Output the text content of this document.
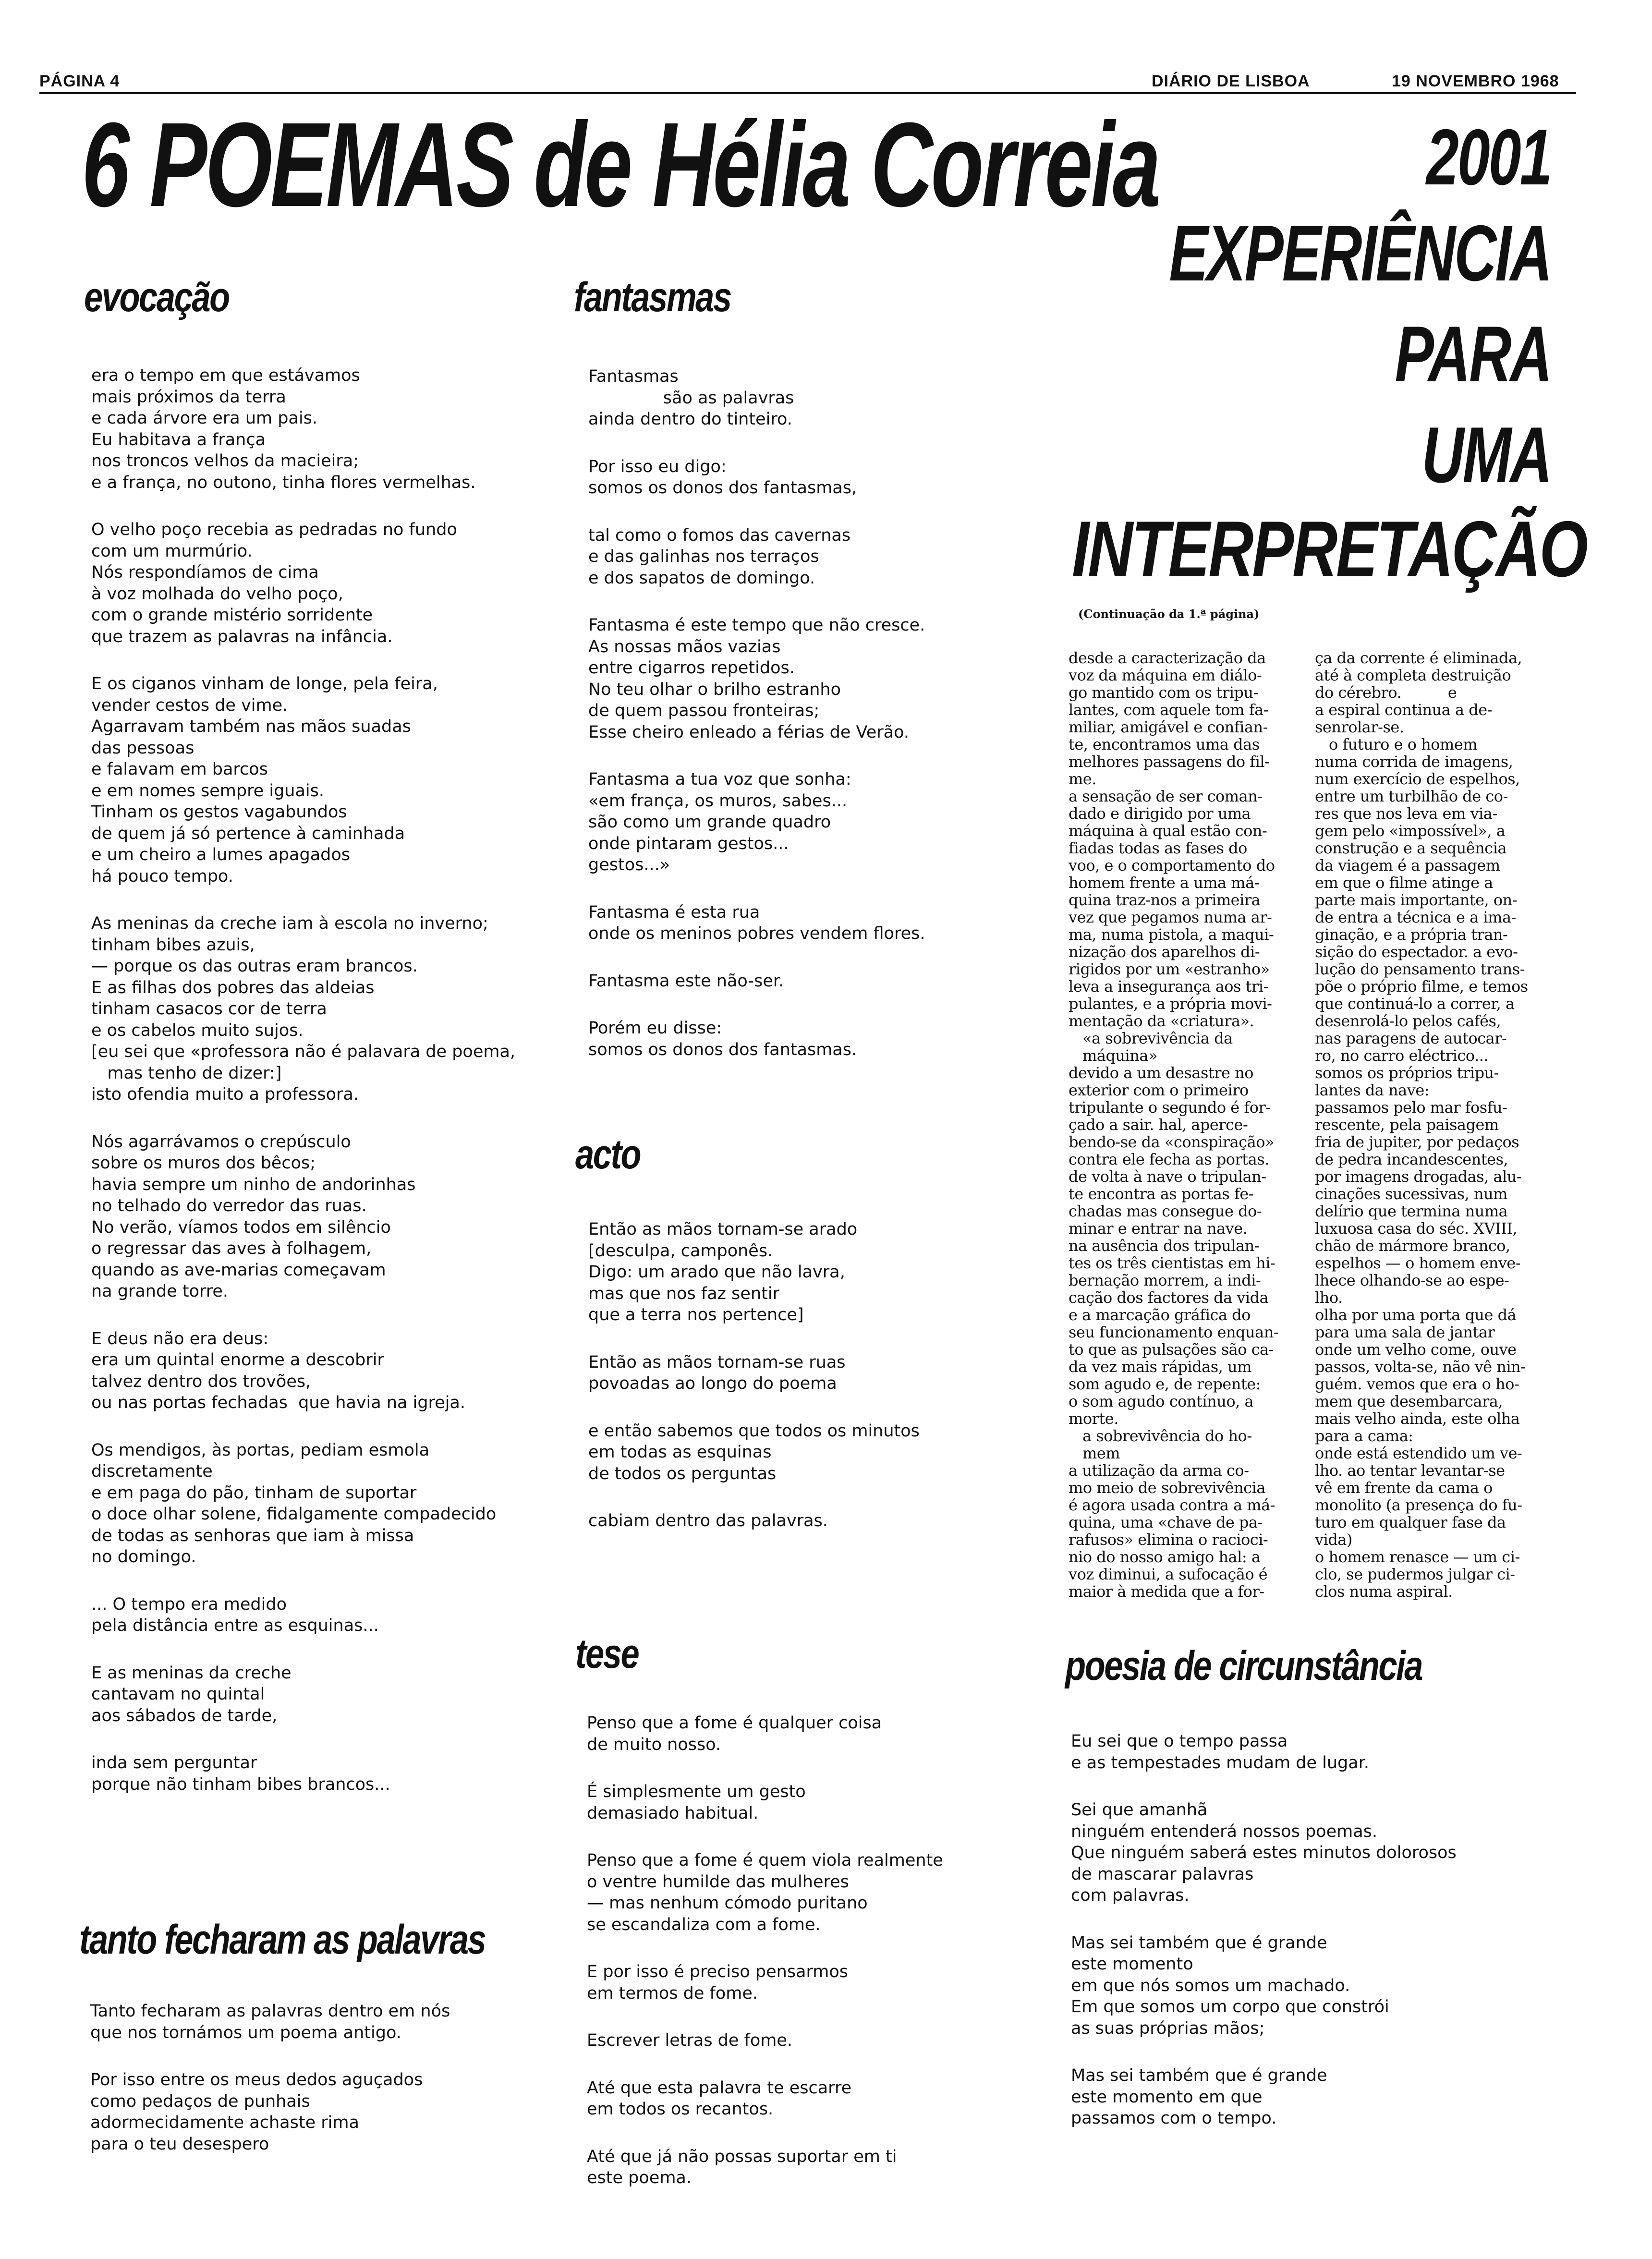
PÁGINA 4	DIÁRIO DE LISBOA	19 NOVEMBRO 1968
6 POEMAS de Hélia Correia
evocação
era o tempo em que estávamos
mais próximos da terra
e cada árvore era um pais.
Eu habitava a frança
nos troncos velhos da macieira;
e a frança, no outono, tinha flores vermelhas.
O velho poço recebia as pedradas no fundo
com um murmúrio.
Nós respondíamos de cima
à voz molhada do velho poço,
com o grande mistério sorridente
que trazem as palavras na infância.
E os ciganos vinham de longe, pela feira,
vender cestos de vime.
Agarravam também nas mãos suadas
das pessoas
e falavam em barcos
e em nomes sempre iguais.
Tinham os gestos vagabundos
de quem já só pertence à caminhada
e um cheiro a lumes apagados
há pouco tempo.
As meninas da creche iam à escola no inverno;
tinham bibes azuis,
— porque os das outras eram brancos.
E as filhas dos pobres das aldeias
tinham casacos cor de terra
e os cabelos muito sujos.
[eu sei que «professora não é palavara de poema,
mas tenho de dizer:]
isto ofendia muito a professora.
Nós agarrávamos o crepúsculo
sobre os muros dos bêcos;
havia sempre um ninho de andorinhas
no telhado do verredor das ruas.
No verão, víamos todos em silêncio
o regressar das aves à folhagem,
quando as ave-marias começavam
na grande torre.
E deus não era deus:
era um quintal enorme a descobrir
talvez dentro dos trovões,
ou nas portas fechadas  que havia na igreja.
Os mendigos, às portas, pediam esmola
discretamente
e em paga do pão, tinham de suportar
o doce olhar solene, fidalgamente compadecido
de todas as senhoras que iam à missa
no domingo.
... O tempo era medido
pela distância entre as esquinas...
E as meninas da creche
cantavam no quintal
aos sábados de tarde,
inda sem perguntar
porque não tinham bibes brancos...
fantasmas
Fantasmas
são as palavras
ainda dentro do tinteiro.
Por isso eu digo:
somos os donos dos fantasmas,
tal como o fomos das cavernas
e das galinhas nos terraços
e dos sapatos de domingo.
Fantasma é este tempo que não cresce.
As nossas mãos vazias
entre cigarros repetidos.
No teu olhar o brilho estranho
de quem passou fronteiras;
Esse cheiro enleado a férias de Verão.
Fantasma a tua voz que sonha:
«em frança, os muros, sabes...
são como um grande quadro
onde pintaram gestos...
gestos...»
Fantasma é esta rua
onde os meninos pobres vendem flores.
Fantasma este não-ser.
Porém eu disse:
somos os donos dos fantasmas.
acto
Então as mãos tornam-se arado
[desculpa, camponês.
Digo: um arado que não lavra,
mas que nos faz sentir
que a terra nos pertence]
Então as mãos tornam-se ruas
povoadas ao longo do poema
e então sabemos que todos os minutos
em todas as esquinas
de todos os perguntas
cabiam dentro das palavras.
tese
Penso que a fome é qualquer coisa
de muito nosso.
É simplesmente um gesto
demasiado habitual.
Penso que a fome é quem viola realmente
o ventre humilde das mulheres
— mas nenhum cómodo puritano
se escandaliza com a fome.
E por isso é preciso pensarmos
em termos de fome.
Escrever letras de fome.
Até que esta palavra te escarre
em todos os recantos.
Até que já não possas suportar em ti
este poema.
tanto fecharam as palavras
Tanto fecharam as palavras dentro em nós
que nos tornámos um poema antigo.
Por isso entre os meus dedos aguçados
como pedaços de punhais
adormecidamente achaste rima
para o teu desespero
2001
EXPERIÊNCIA
PARA
UMA
INTERPRETAÇÃO
(Continuação da 1.ª página)
desde a caracterização da
voz da máquina em diálo-
go mantido com os tripu-
lantes, com aquele tom fa-
miliar, amigável e confian-
te, encontramos uma das
melhores passagens do fil-
me.
a sensação de ser coman-
dado e dirigido por uma
máquina à qual estão con-
fiadas todas as fases do
voo, e o comportamento do
homem frente a uma má-
quina traz-nos a primeira
vez que pegamos numa ar-
ma, numa pistola, a maqui-
nização dos aparelhos di-
rigidos por um «estranho»
leva a insegurança aos tri-
pulantes, e a própria movi-
mentação da «criatura».
«a sobrevivência da
máquina»
devido a um desastre no
exterior com o primeiro
tripulante o segundo é for-
çado a sair. hal, aperce-
bendo-se da «conspiração»
contra ele fecha as portas.
de volta à nave o tripulan-
te encontra as portas fe-
chadas mas consegue do-
minar e entrar na nave.
na ausência dos tripulan-
tes os três cientistas em hi-
bernação morrem, a indi-
cação dos factores da vida
e a marcação gráfica do
seu funcionamento enquan-
to que as pulsações são ca-
da vez mais rápidas, um
som agudo e, de repente:
o som agudo contínuo, a
morte.
a sobrevivência do ho-
mem
a utilização da arma co-
mo meio de sobrevivência
é agora usada contra a má-
quina, uma «chave de pa-
rafusos» elimina o racioci-
nio do nosso amigo hal: a
voz diminui, a sufocação é
maior à medida que a for-
ça da corrente é eliminada,
até à completa destruição
do cérebro.          e
a espiral continua a de-
senrolar-se.
o futuro e o homem
numa corrida de imagens,
num exercício de espelhos,
entre um turbilhão de co-
res que nos leva em via-
gem pelo «impossível», a
construção e a sequência
da viagem é a passagem
em que o filme atinge a
parte mais importante, on-
de entra a técnica e a ima-
ginação, e a própria tran-
sição do espectador. a evo-
lução do pensamento trans-
põe o próprio filme, e temos
que continuá-lo a correr, a
desenrolá-lo pelos cafés,
nas paragens de autocar-
ro, no carro eléctrico...
somos os próprios tripu-
lantes da nave:
passamos pelo mar fosfu-
rescente, pela paisagem
fria de jupiter, por pedaços
de pedra incandescentes,
por imagens drogadas, alu-
cinações sucessivas, num
delírio que termina numa
luxuosa casa do séc. XVIII,
chão de mármore branco,
espelhos — o homem enve-
lhece olhando-se ao espe-
lho.
olha por uma porta que dá
para uma sala de jantar
onde um velho come, ouve
passos, volta-se, não vê nin-
guém. vemos que era o ho-
mem que desembarcara,
mais velho ainda, este olha
para a cama:
onde está estendido um ve-
lho. ao tentar levantar-se
vê em frente da cama o
monolito (a presença do fu-
turo em qualquer fase da
vida)
o homem renasce — um ci-
clo, se pudermos julgar ci-
clos numa aspiral.
poesia de circunstância
Eu sei que o tempo passa
e as tempestades mudam de lugar.
Sei que amanhã
ninguém entenderá nossos poemas.
Que ninguém saberá estes minutos dolorosos
de mascarar palavras
com palavras.
Mas sei também que é grande
este momento
em que nós somos um machado.
Em que somos um corpo que constrói
as suas próprias mãos;
Mas sei também que é grande
este momento em que
passamos com o tempo.
